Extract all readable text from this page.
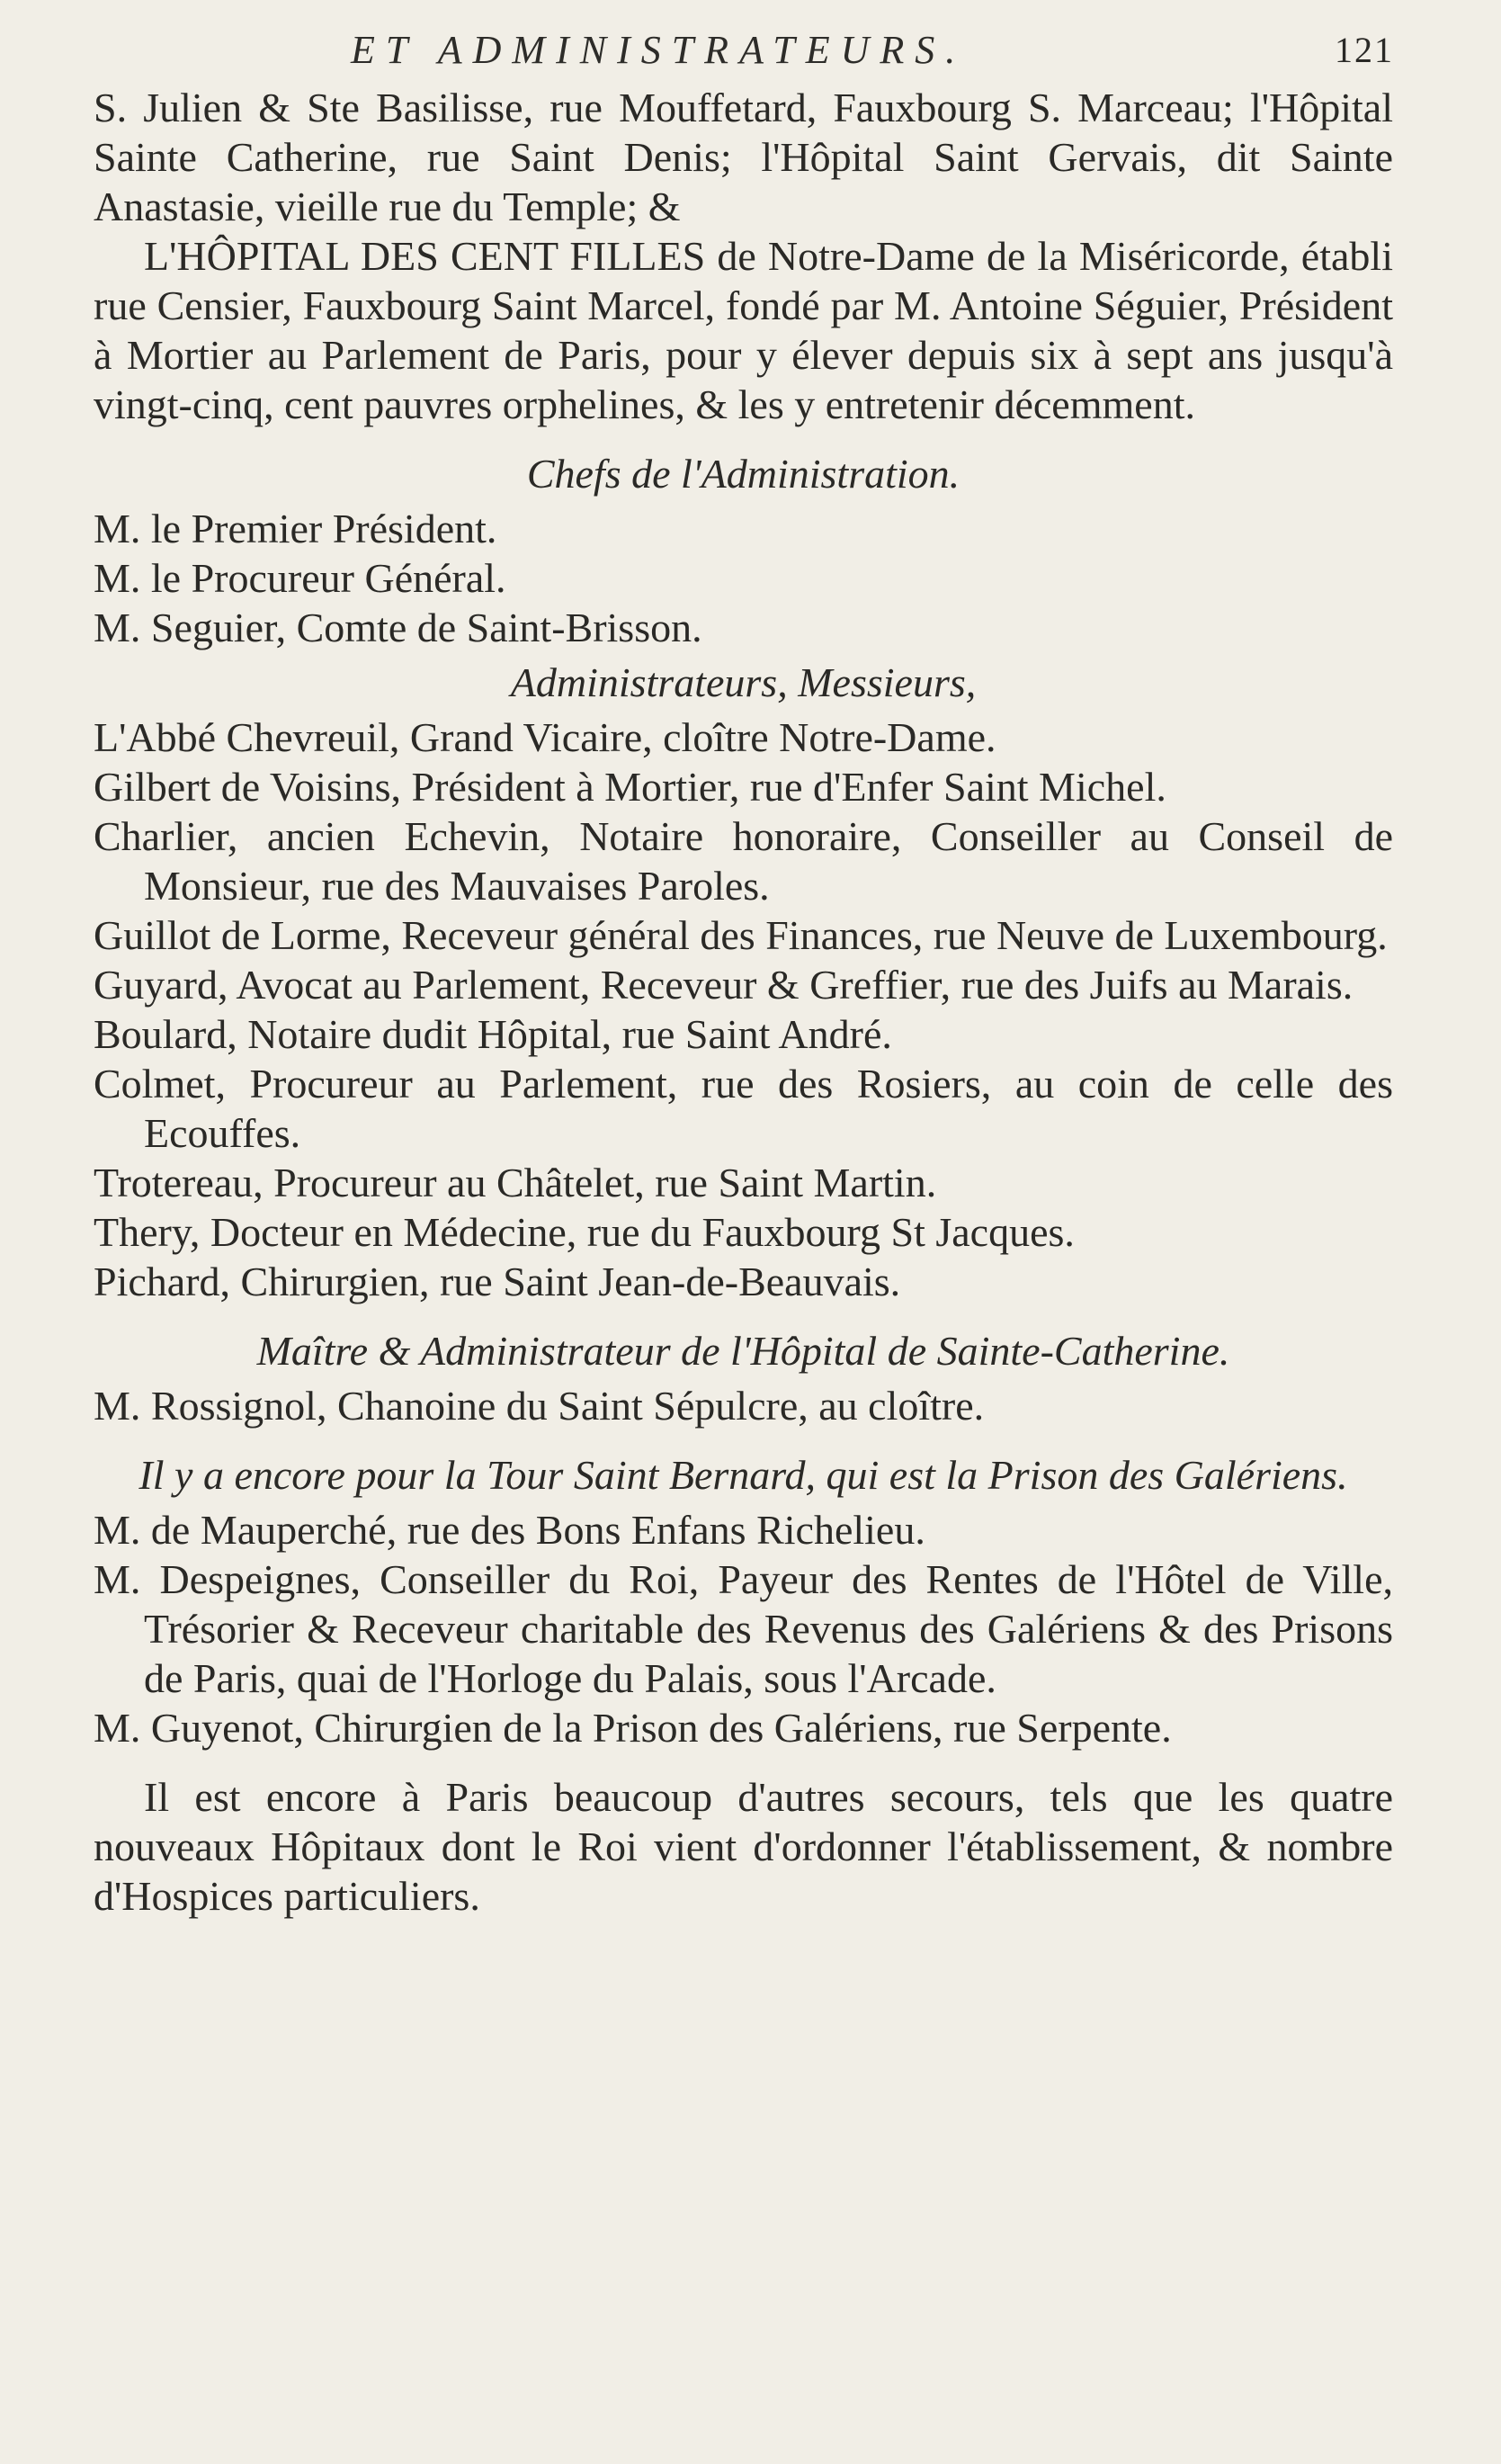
ET ADMINISTRATEURS.	121

S. Julien & Ste Basilisse, rue Mouffetard, Fauxbourg S. Marceau; l'Hôpital Sainte Catherine, rue Saint Denis; l'Hôpital Saint Gervais, dit Sainte Anastasie, vieille rue du Temple; &

L'HÔPITAL DES CENT FILLES de Notre-Dame de la Miséricorde, établi rue Censier, Fauxbourg Saint Marcel, fondé par M. Antoine Séguier, Président à Mortier au Parlement de Paris, pour y élever depuis six à sept ans jusqu'à vingt-cinq, cent pauvres orphelines, & les y entretenir décemment.

Chefs de l'Administration.

M. le Premier Président.

M. le Procureur Général.

M. Seguier, Comte de Saint-Brisson.

Administrateurs, Messieurs,

L'Abbé Chevreuil, Grand Vicaire, cloître Notre-Dame.

Gilbert de Voisins, Président à Mortier, rue d'Enfer Saint Michel.

Charlier, ancien Echevin, Notaire honoraire, Conseiller au Conseil de Monsieur, rue des Mauvaises Paroles.

Guillot de Lorme, Receveur général des Finances, rue Neuve de Luxembourg.

Guyard, Avocat au Parlement, Receveur & Greffier, rue des Juifs au Marais.

Boulard, Notaire dudit Hôpital, rue Saint André.

Colmet, Procureur au Parlement, rue des Rosiers, au coin de celle des Ecouffes.

Trotereau, Procureur au Châtelet, rue Saint Martin.

Thery, Docteur en Médecine, rue du Fauxbourg St Jacques.

Pichard, Chirurgien, rue Saint Jean-de-Beauvais.

Maître & Administrateur de l'Hôpital de Sainte-Catherine.

M. Rossignol, Chanoine du Saint Sépulcre, au cloître.

Il y a encore pour la Tour Saint Bernard, qui est la Prison des Galériens.

M. de Mauperché, rue des Bons Enfans Richelieu.

M. Despeignes, Conseiller du Roi, Payeur des Rentes de l'Hôtel de Ville, Trésorier & Receveur charitable des Revenus des Galériens & des Prisons de Paris, quai de l'Horloge du Palais, sous l'Arcade.

M. Guyenot, Chirurgien de la Prison des Galériens, rue Serpente.

Il est encore à Paris beaucoup d'autres secours, tels que les quatre nouveaux Hôpitaux dont le Roi vient d'ordonner l'établissement, & nombre d'Hospices particuliers.
